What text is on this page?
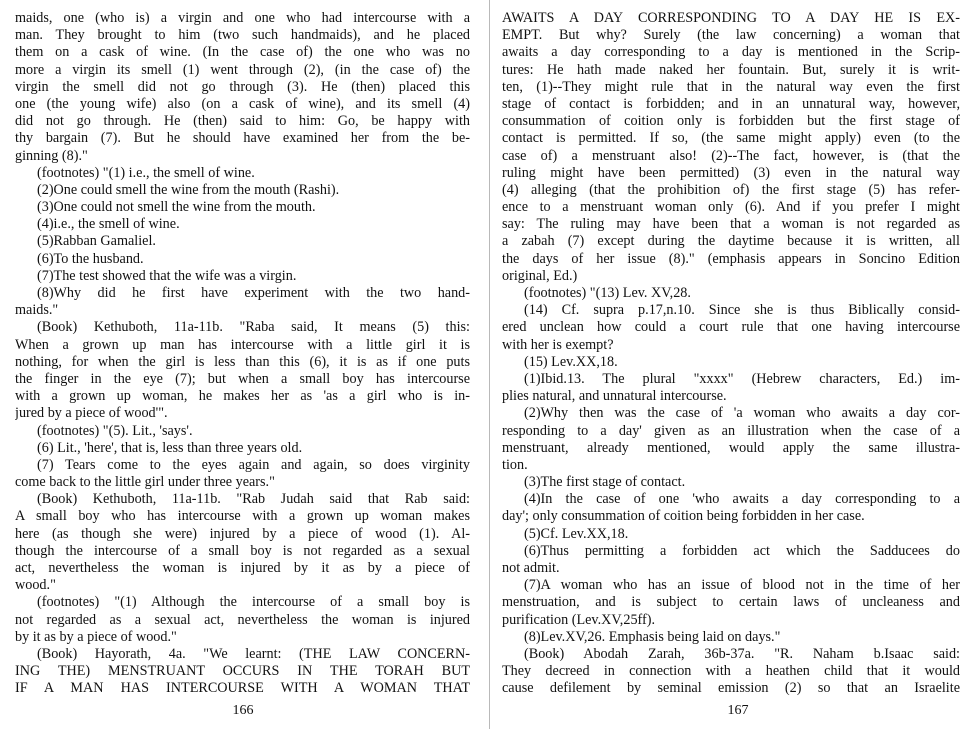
maids, one (who is) a virgin and one who had intercourse with a
man. They brought to him (two such handmaids), and he placed
them on a cask of wine. (In the case of) the one who was no
more a virgin its smell (1) went through (2), (in the case of) the
virgin the smell did not go through (3). He (then) placed this
one (the young wife) also (on a cask of wine), and its smell (4)
did not go through. He (then) said to him: Go, be happy with
thy bargain (7). But he should have examined her from the be-
ginning (8)."
(footnotes) "(1) i.e., the smell of wine.
(2)One could smell the wine from the mouth (Rashi).
(3)One could not smell the wine from the mouth.
(4)i.e., the smell of wine.
(5)Rabban Gamaliel.
(6)To the husband.
(7)The test showed that the wife was a virgin.
(8)Why did he first have experiment with the two hand-
maids."
(Book) Kethuboth, 11a-11b. "Raba said, It means (5) this:
When a grown up man has intercourse with a little girl it is
nothing, for when the girl is less than this (6), it is as if one puts
the finger in the eye (7); but when a small boy has intercourse
with a grown up woman, he makes her as 'as a girl who is in-
jured by a piece of wood'".
(footnotes) "(5). Lit., 'says'.
(6) Lit., 'here', that is, less than three years old.
(7) Tears come to the eyes again and again, so does virginity
come back to the little girl under three years."
(Book) Kethuboth, 11a-11b. "Rab Judah said that Rab said:
A small boy who has intercourse with a grown up woman makes
here (as though she were) injured by a piece of wood (1). Al-
though the intercourse of a small boy is not regarded as a sexual
act, nevertheless the woman is injured by it as by a piece of
wood."
(footnotes) "(1) Although the intercourse of a small boy is
not regarded as a sexual act, nevertheless the woman is injured
by it as by a piece of wood."
(Book) Hayorath, 4a. "We learnt: (THE LAW CONCERN-
ING THE) MENSTRUANT OCCURS IN THE TORAH BUT
IF A MAN HAS INTERCOURSE WITH A WOMAN THAT
AWAITS A DAY CORRESPONDING TO A DAY HE IS EX-
EMPT. But why? Surely (the law concerning) a woman that
awaits a day corresponding to a day is mentioned in the Scrip-
tures: He hath made naked her fountain. But, surely it is writ-
ten, (1)--They might rule that in the natural way even the first
stage of contact is forbidden; and in an unnatural way, however,
consummation of coition only is forbidden but the first stage of
contact is permitted. If so, (the same might apply) even (to the
case of) a menstruant also! (2)--The fact, however, is (that the
ruling might have been permitted) (3) even in the natural way
(4) alleging (that the prohibition of) the first stage (5) has refer-
ence to a menstruant woman only (6). And if you prefer I might
say: The ruling may have been that a woman is not regarded as
a zabah (7) except during the daytime because it is written, all
the days of her issue (8)." (emphasis appears in Soncino Edition
original, Ed.)
(footnotes) "(13) Lev. XV,28.
(14) Cf. supra p.17,n.10. Since she is thus Biblically consid-
ered unclean how could a court rule that one having intercourse
with her is exempt?
(15) Lev.XX,18.
(1)Ibid.13. The plural "xxxx" (Hebrew characters, Ed.) im-
plies natural, and unnatural intercourse.
(2)Why then was the case of 'a woman who awaits a day cor-
responding to a day' given as an illustration when the case of a
menstruant, already mentioned, would apply the same illustra-
tion.
(3)The first stage of contact.
(4)In the case of one 'who awaits a day corresponding to a
day'; only consummation of coition being forbidden in her case.
(5)Cf. Lev.XX,18.
(6)Thus permitting a forbidden act which the Sadducees do
not admit.
(7)A woman who has an issue of blood not in the time of her
menstruation, and is subject to certain laws of uncleaness and
purification (Lev.XV,25ff).
(8)Lev.XV,26. Emphasis being laid on days."
(Book) Abodah Zarah, 36b-37a. "R. Naham b.Isaac said:
They decreed in connection with a heathen child that it would
cause defilement by seminal emission (2) so that an Israelite
166	167
